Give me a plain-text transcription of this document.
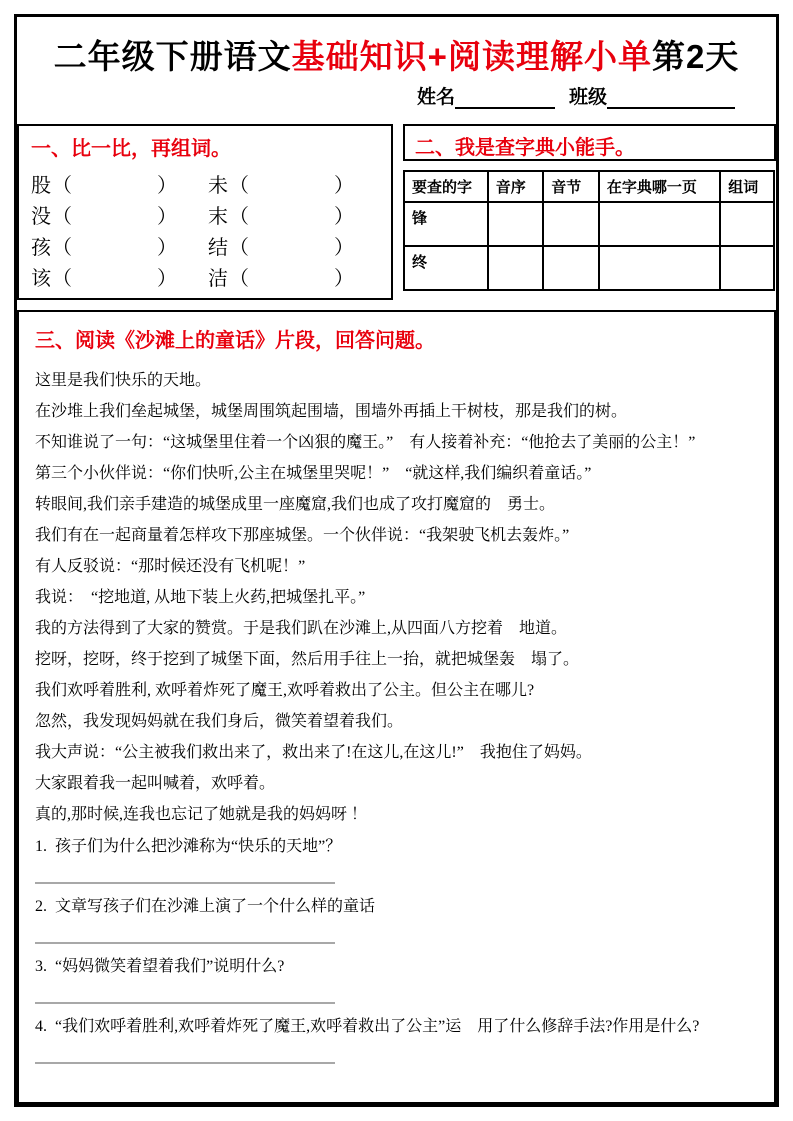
二年级下册语文基础知识+阅读理解小单第2天
姓名	班级
一、比一比，再组词。
股（　　　　）	未（　　　　）
没（　　　　）	末（　　　　）
孩（　　　　）	结（　　　　）
该（　　　　）	洁（　　　　）
二、我是查字典小能手。
要查的字	音序	音节	在字典哪一页	组词
锋				
终				
三、阅读《沙滩上的童话》片段，回答问题。

这里是我们快乐的天地。

在沙堆上我们垒起城堡，城堡周围筑起围墙，围墙外再插上干树枝，那是我们的树。

不知谁说了一句：“这城堡里住着一个凶狠的魔王。”　有人接着补充：“他抢去了美丽的公主！”

第三个小伙伴说：“你们快听,公主在城堡里哭呢！”　“就这样,我们编织着童话。”

转眼间,我们亲手建造的城堡成里一座魔窟,我们也成了攻打魔窟的　勇士。

我们有在一起商量着怎样攻下那座城堡。一个伙伴说：“我架驶飞机去轰炸。”

有人反驳说：“那时候还没有飞机呢！”

我说：　“挖地道, 从地下装上火药,把城堡扎平。”

我的方法得到了大家的赞赏。于是我们趴在沙滩上,从四面八方挖着　地道。

挖呀，挖呀，终于挖到了城堡下面，然后用手往上一抬，就把城堡轰　塌了。

我们欢呼着胜利, 欢呼着炸死了魔王,欢呼着救出了公主。但公主在哪儿?

忽然，我发现妈妈就在我们身后，微笑着望着我们。

我大声说：“公主被我们救出来了，救出来了!在这儿,在这儿!”　我抱住了妈妈。

大家跟着我一起叫喊着，欢呼着。

真的,那时候,连我也忘记了她就是我的妈妈呀 ！

1. 孩子们为什么把沙滩称为“快乐的天地”？

2. 文章写孩子们在沙滩上演了一个什么样的童话

3. “妈妈微笑着望着我们”说明什么?

4. “我们欢呼着胜利,欢呼着炸死了魔王,欢呼着救出了公主”运　用了什么修辞手法?作用是什么?
